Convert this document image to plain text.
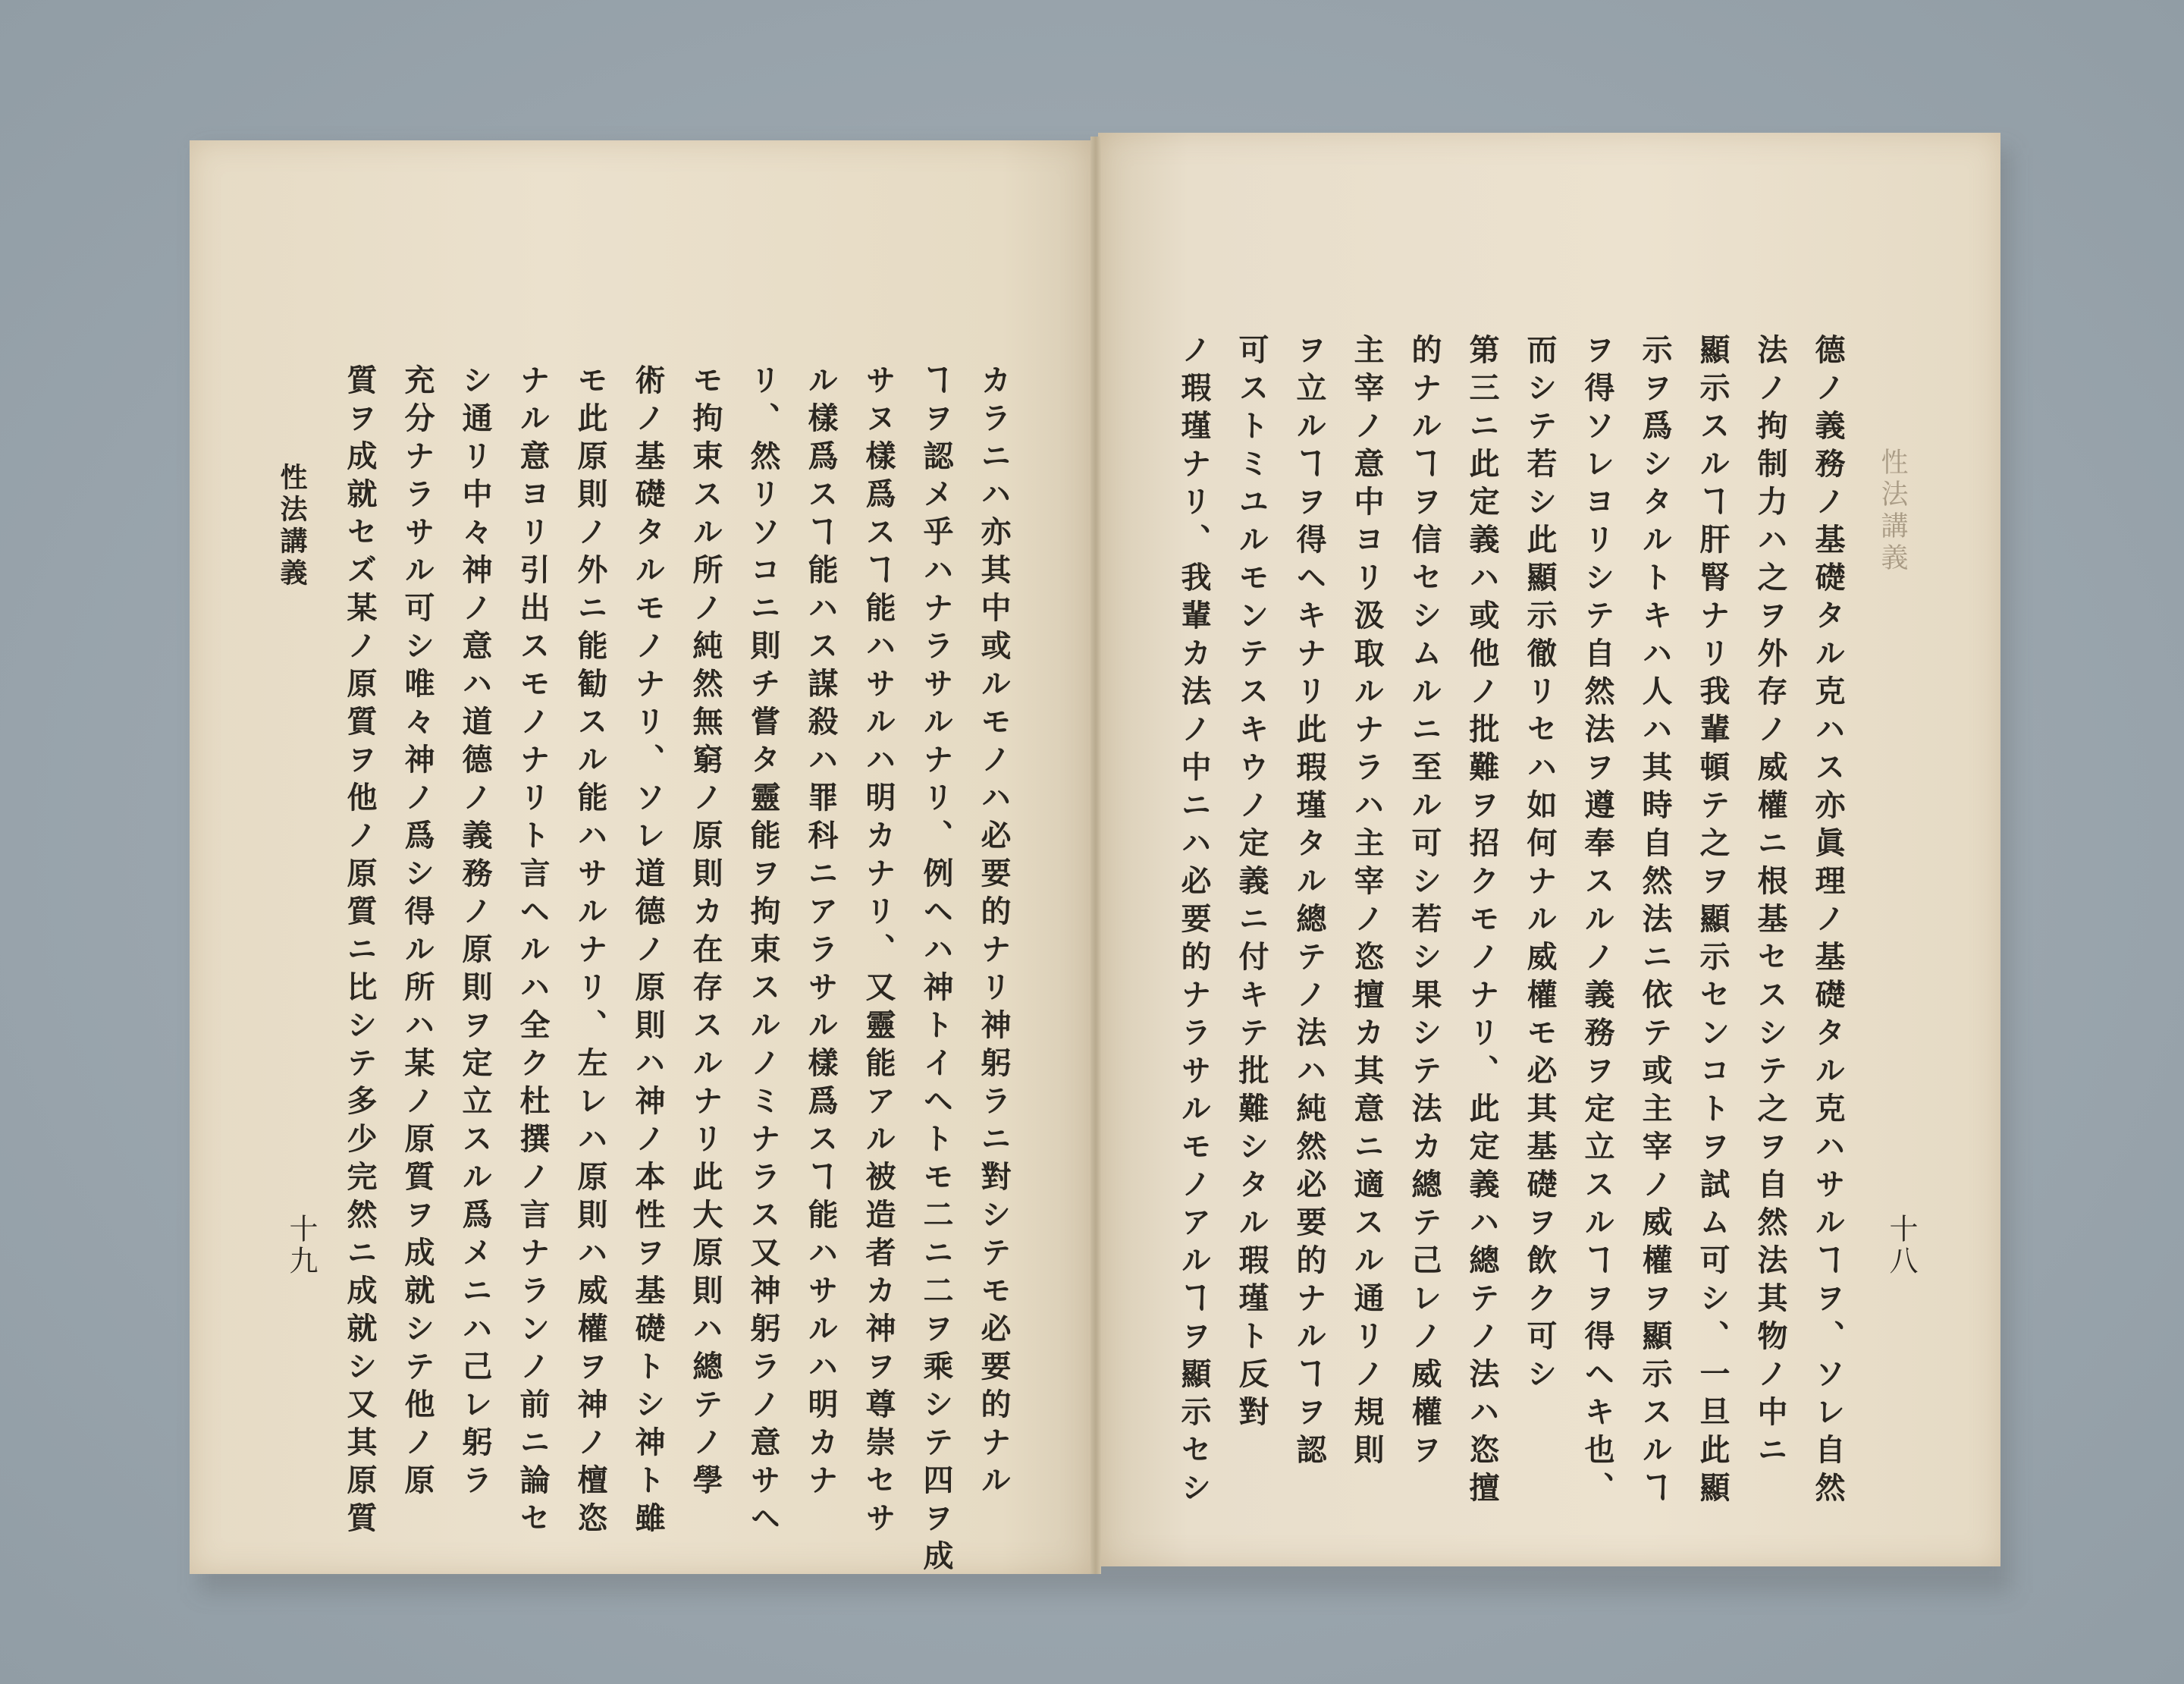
カラニハ亦其中或ルモノハ必要的ナリ神躬ラニ對シテモ必要的ナル
ヿヲ認メ乎ハナラサルナリ、例ヘハ神トイヘトモ二ニ二ヲ乘シテ四ヲ成
サヌ樣爲スヿ能ハサルハ明カナリ、又靈能アル被造者カ神ヲ尊崇セサ
ル樣爲スヿ能ハス謀殺ハ罪科ニアラサル樣爲スヿ能ハサルハ明カナ
リ、然リソコニ則チ嘗タ靈能ヲ拘束スルノミナラス又神躬ラノ意サヘ
モ拘束スル所ノ純然無窮ノ原則カ在存スルナリ此大原則ハ總テノ學
術ノ基礎タルモノナリ、ソレ道德ノ原則ハ神ノ本性ヲ基礎トシ神ト雖
モ此原則ノ外ニ能勧スル能ハサルナリ、左レハ原則ハ威權ヲ神ノ檀恣
ナル意ヨリ引出スモノナリト言ヘルハ全ク杜撰ノ言ナランノ前ニ論セ
シ通リ中々神ノ意ハ道德ノ義務ノ原則ヲ定立スル爲メニハ己レ躬ラ
充分ナラサル可シ唯々神ノ爲シ得ル所ハ某ノ原質ヲ成就シテ他ノ原
質ヲ成就セズ某ノ原質ヲ他ノ原質ニ比シテ多少完然ニ成就シ又其原質
性法講義
十九	德ノ義務ノ基礎タル克ハス亦眞理ノ基礎タル克ハサルヿヲ、ソレ自然
法ノ拘制力ハ之ヲ外存ノ威權ニ根基セスシテ之ヲ自然法其物ノ中ニ
顯示スルヿ肝腎ナリ我輩頓テ之ヲ顯示センコトヲ試ム可シ、一旦此顯
示ヲ爲シタルトキハ人ハ其時自然法ニ依テ或主宰ノ威權ヲ顯示スルヿ
ヲ得ソレヨリシテ自然法ヲ遵奉スルノ義務ヲ定立スルヿヲ得ヘキ也、
而シテ若シ此顯示徹リセハ如何ナル威權モ必其基礎ヲ飲ク可シ
第三ニ此定義ハ或他ノ批難ヲ招クモノナリ、此定義ハ總テノ法ハ恣擅
的ナルヿヲ信セシムルニ至ル可シ若シ果シテ法カ總テ己レノ威權ヲ
主宰ノ意中ヨリ汲取ルナラハ主宰ノ恣擅カ其意ニ適スル通リノ規則
ヲ立ルヿヲ得ヘキナリ此瑕瑾タル總テノ法ハ純然必要的ナルヿヲ認
可ストミユルモンテスキウノ定義ニ付キテ批難シタル瑕瑾ト反對
ノ瑕瑾ナリ、我輩カ法ノ中ニハ必要的ナラサルモノアルヿヲ顯示セシ	性法講義
十八
